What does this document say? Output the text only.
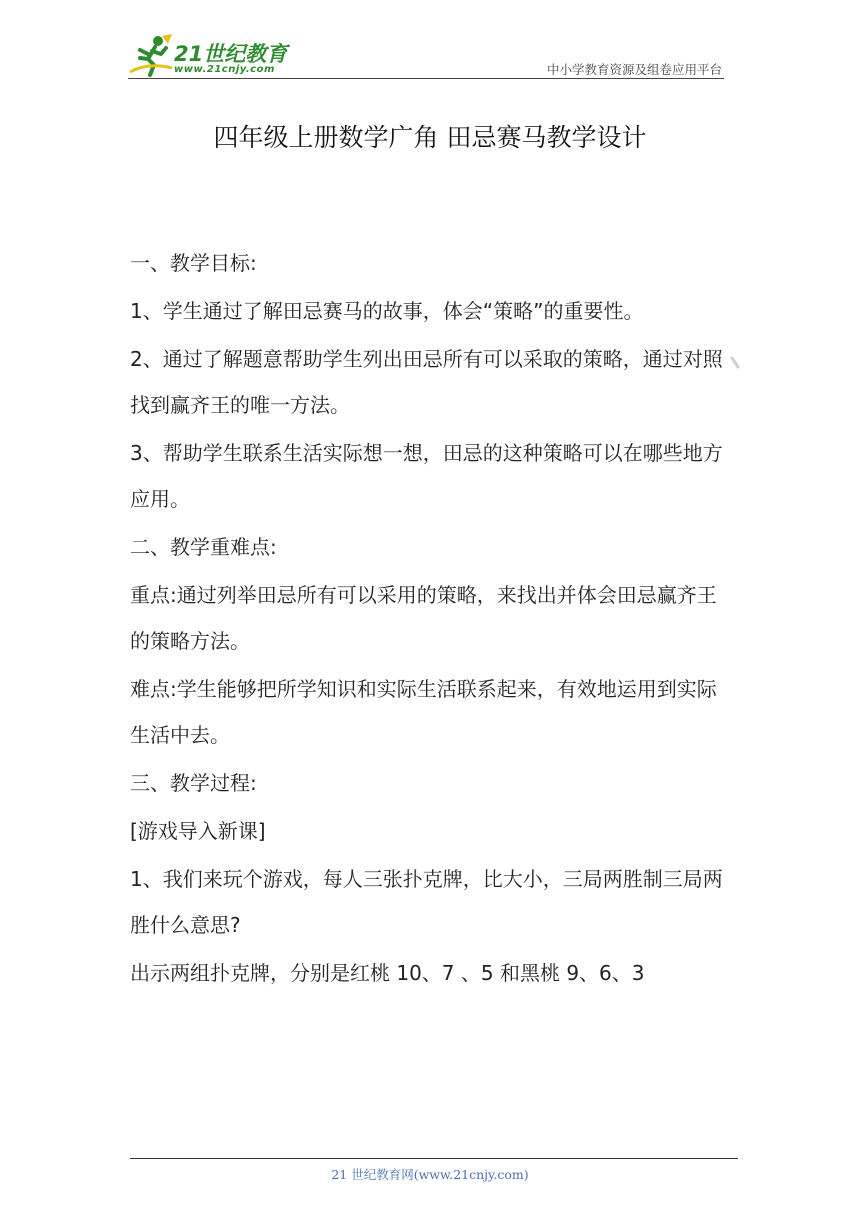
21世纪教育
www.21cnjy.com	中小学教育资源及组卷应用平台
四年级上册数学广角 田忌赛马教学设计

一、教学目标:

1、学生通过了解田忌赛马的故事，体会“策略”的重要性。

2、通过了解题意帮助学生列出田忌所有可以采取的策略，通过对照找到赢齐王的唯一方法。

3、帮助学生联系生活实际想一想，田忌的这种策略可以在哪些地方应用。

二、教学重难点:

重点:通过列举田忌所有可以采用的策略，来找出并体会田忌赢齐王的策略方法。

难点:学生能够把所学知识和实际生活联系起来，有效地运用到实际生活中去。

三、教学过程:

[游戏导入新课]

1、我们来玩个游戏，每人三张扑克牌，比大小，三局两胜制三局两胜什么意思?

出示两组扑克牌，分别是红桃 10、7 、5 和黑桃 9、6、3

21 世纪教育网(www.21cnjy.com)
